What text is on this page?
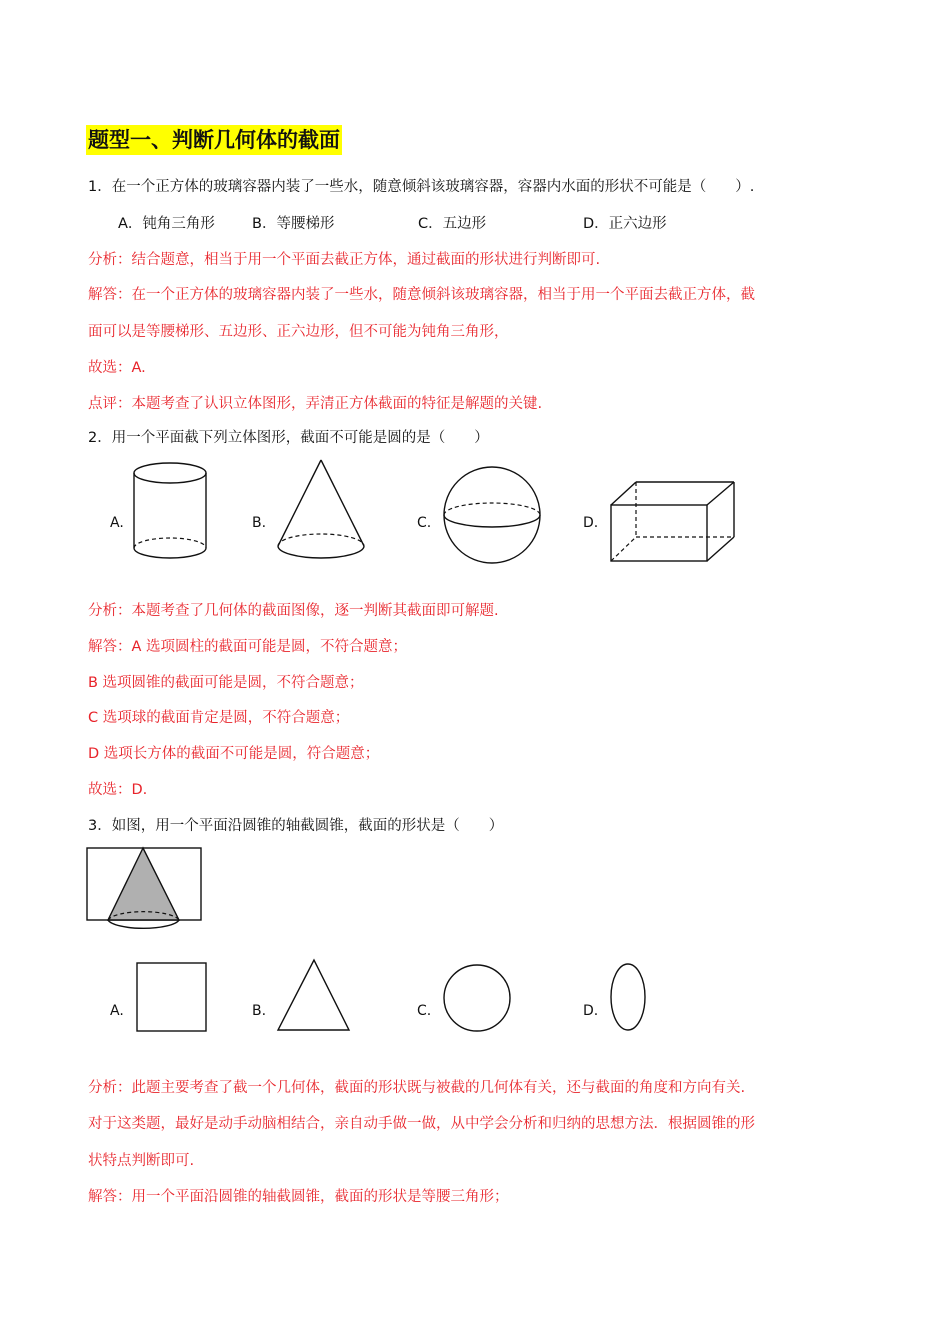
题型一、判断几何体的截面
1．在一个正方体的玻璃容器内装了一些水，随意倾斜该玻璃容器，容器内水面的形状不可能是（　　）.
A．钝角三角形	B．等腰梯形	C．五边形	D．正六边形
分析：结合题意，相当于用一个平面去截正方体，通过截面的形状进行判断即可.
解答：在一个正方体的玻璃容器内装了一些水，随意倾斜该玻璃容器，相当于用一个平面去截正方体，截
面可以是等腰梯形、五边形、正六边形，但不可能为钝角三角形，
故选：A.
点评：本题考查了认识立体图形，弄清正方体截面的特征是解题的关键.
2．用一个平面截下列立体图形，截面不可能是圆的是（　　）
A.	B.	C.	D.
分析：本题考查了几何体的截面图像，逐一判断其截面即可解题.
解答：A 选项圆柱的截面可能是圆，不符合题意；
B 选项圆锥的截面可能是圆，不符合题意；
C 选项球的截面肯定是圆，不符合题意；
D 选项长方体的截面不可能是圆，符合题意；
故选：D.
3．如图，用一个平面沿圆锥的轴截圆锥，截面的形状是（　　）
A.	B.	C.	D.
分析：此题主要考查了截一个几何体，截面的形状既与被截的几何体有关，还与截面的角度和方向有关.
对于这类题，最好是动手动脑相结合，亲自动手做一做，从中学会分析和归纳的思想方法．根据圆锥的形
状特点判断即可.
解答：用一个平面沿圆锥的轴截圆锥，截面的形状是等腰三角形；
